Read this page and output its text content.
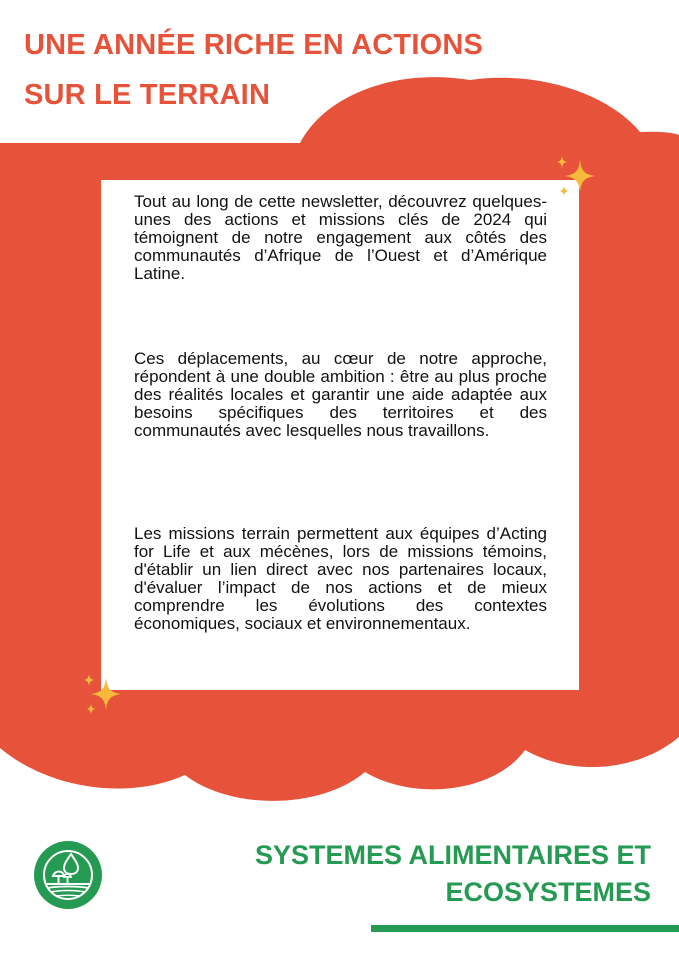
UNE ANNÉE RICHE EN ACTIONS
SUR LE TERRAIN

Tout au long de cette newsletter, découvrez quelques-unes des actions et missions clés de 2024 qui témoignent de notre engagement aux côtés des communautés d’Afrique de l’Ouest et d’Amérique Latine.

Ces déplacements, au cœur de notre approche, répondent à une double ambition : être au plus proche des réalités locales et garantir une aide adaptée aux besoins spécifiques des territoires et des communautés avec lesquelles nous travaillons.

Les missions terrain permettent aux équipes d’Acting for Life et aux mécènes, lors de missions témoins, d'établir un lien direct avec nos partenaires locaux, d'évaluer l’impact de nos actions et de mieux comprendre les évolutions des contextes économiques, sociaux et environnementaux.

SYSTEMES ALIMENTAIRES ET
ECOSYSTEMES
